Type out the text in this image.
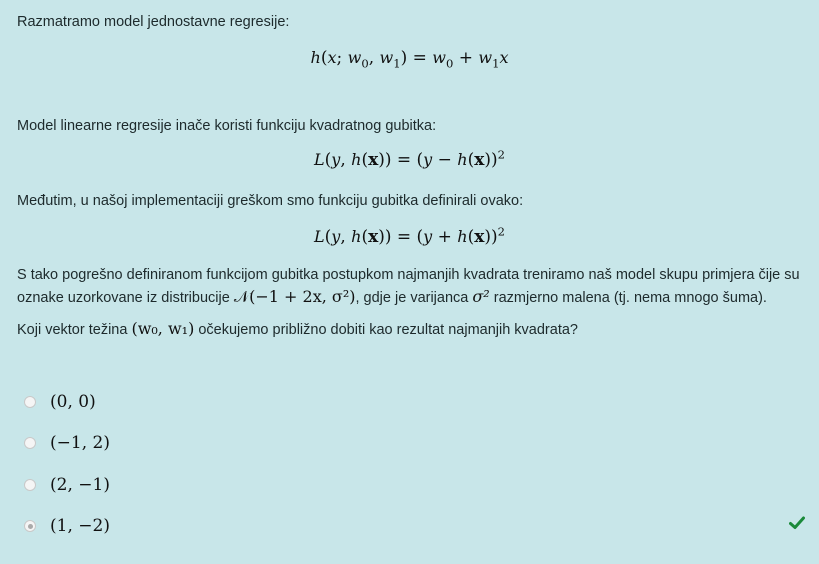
Razmatramo model jednostavne regresije:
h(x; $w_0$, $w_1) = w_0 + w_1x$
Model linearne regresije inače koristi funkciju kvadratnog gubitka:
L(y, $h(x)) = (y - h(x))^2$
Međutim, u našoj implementaciji greškom smo funkciju gubitka definirali ovako:
L(y, $h(x)) = (y + h(x))^2$
S tako pogrešno definiranom funkcijom gubitka postupkom najmanjih kvadrata treniramo naš model skupu primjera čije su oznake uzorkovane iz distribucije 𝒩(−1 + 2x, σ²), gdje je varijanca σ² razmjerno malena (tj. nema mnogo šuma).
Koji vektor težina (w₀, w₁) očekujemo približno dobiti kao rezultat najmanjih kvadrata?
(0, 0)
(−1, 2)
(2, −1)
(1, −2)
